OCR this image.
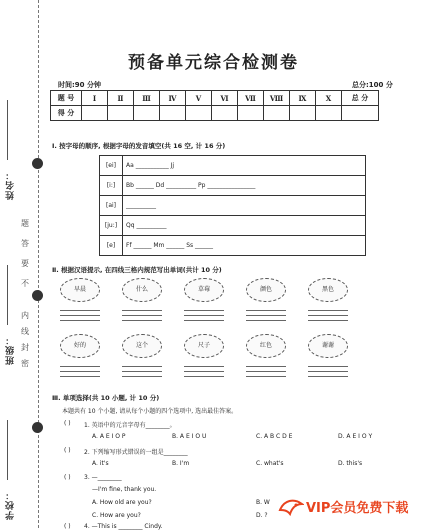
姓名：
班级：
学校：
题
答
要
不
内
线
封
密
预备单元综合检测卷
时间:90 分钟	总分:100 分
题 号	Ⅰ	Ⅱ	Ⅲ	Ⅳ	Ⅴ	Ⅵ	Ⅶ	Ⅷ	Ⅸ	Ⅹ	总 分
得 分											
Ⅰ. 按字母的顺序, 根据字母的发音填空(共 16 空, 计 16 分)
[ei]	Aa ___________ Jj
[i:]	Bb ______ Dd __________ Pp ________________
[ai]	__________
[ju:]	Qq __________
[e]	Ff ______ Mm ______ Ss ______
Ⅱ. 根据汉语提示, 在四线三格内规范写出单词(共计 10 分)
早晨	什么	草莓	颜色	黑色
好的	这个	尺子	红色	谢谢
Ⅲ. 单项选择(共 10 小题, 计 10 分)
本题共有 10 个小题, 请从每个小题的四个选项中, 选出最佳答案。
( ) 1. 英语中的元音字母有________。
A. A E I O P	B. A E I O U	C. A B C D E	D. A E I O Y
( ) 2. 下列缩写形式错误的一组是________
A. it's	B. I'm	C. what's	D. this's
( ) 3. —________
—I'm fine, thank you.
A. How old are you?	B. W
C. How are you?	D. ?
( ) 4. —This is ________ Cindy.
VIP会员免费下载
